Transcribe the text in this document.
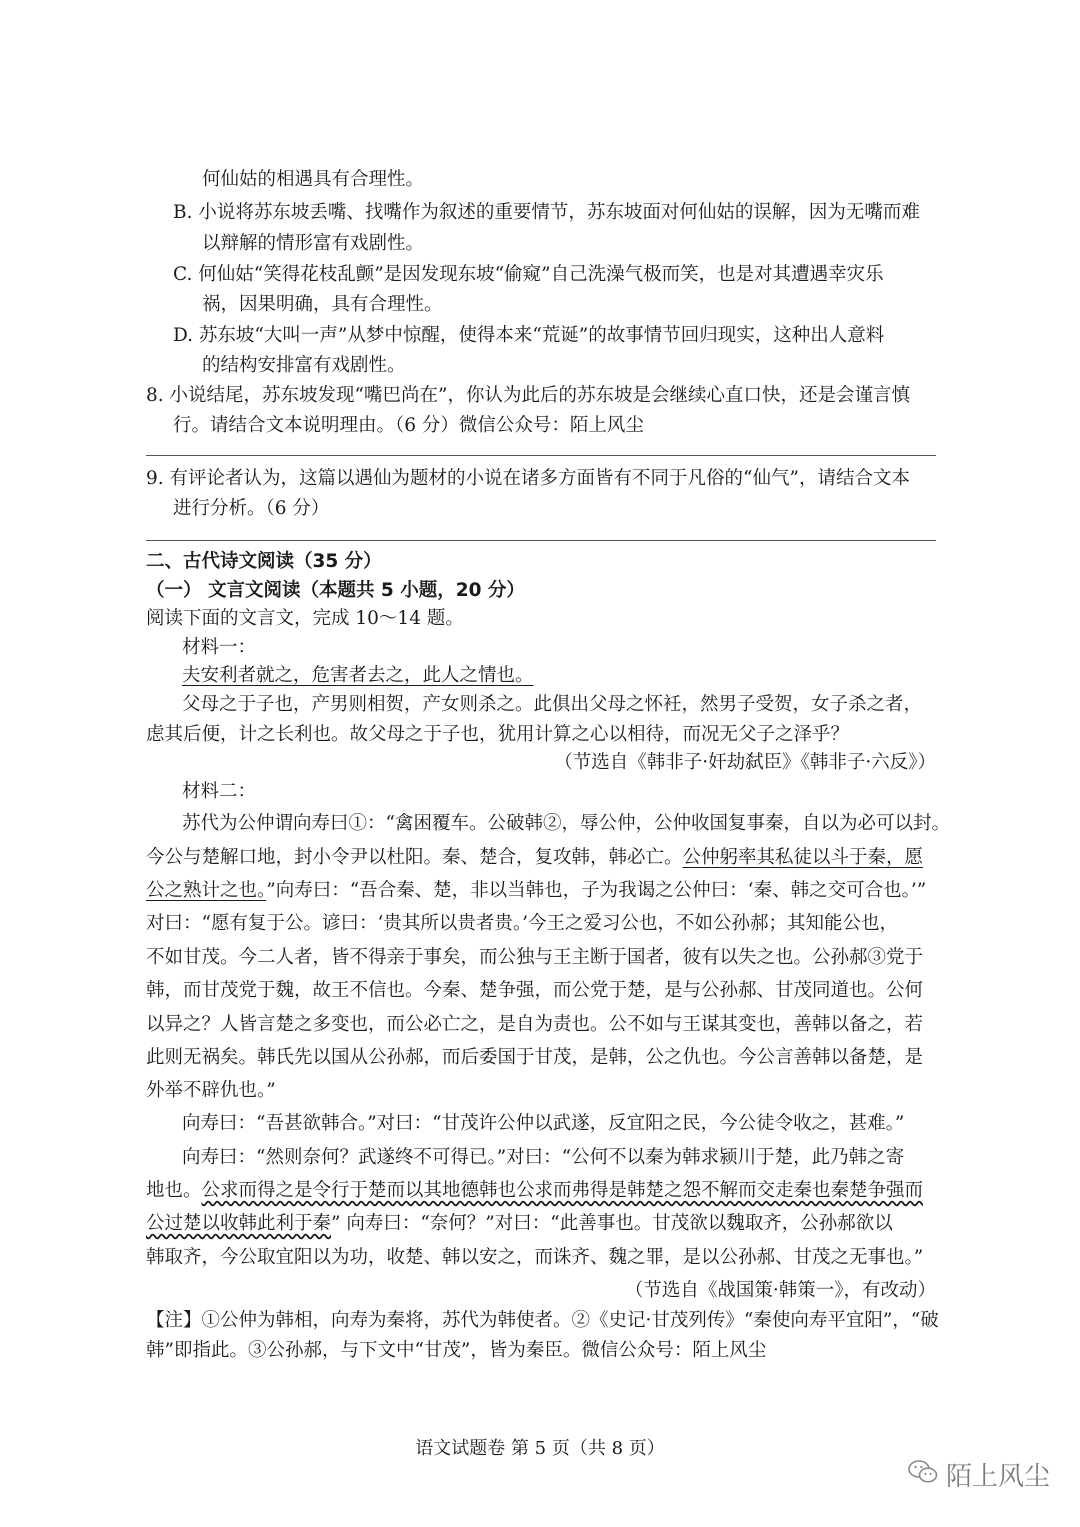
何仙姑的相遇具有合理性。
B. 小说将苏东坡丢嘴、找嘴作为叙述的重要情节，苏东坡面对何仙姑的误解，因为无嘴而难
以辩解的情形富有戏剧性。
C. 何仙姑“笑得花枝乱颤”是因发现东坡“偷窥”自己洗澡气极而笑，也是对其遭遇幸灾乐
祸，因果明确，具有合理性。
D. 苏东坡“大叫一声”从梦中惊醒，使得本来“荒诞”的故事情节回归现实，这种出人意料
的结构安排富有戏剧性。
8. 小说结尾，苏东坡发现“嘴巴尚在”，你认为此后的苏东坡是会继续心直口快，还是会谨言慎
行。请结合文本说明理由。（6 分）微信公众号：陌上风尘
9. 有评论者认为，这篇以遇仙为题材的小说在诸多方面皆有不同于凡俗的“仙气”，请结合文本
进行分析。（6 分）
二、古代诗文阅读（35 分）
（一） 文言文阅读（本题共 5 小题，20 分）
阅读下面的文言文，完成 10～14 题。
材料一：
夫安利者就之，危害者去之，此人之情也。
父母之于子也，产男则相贺，产女则杀之。此俱出父母之怀衽，然男子受贺，女子杀之者，
虑其后便，计之长利也。故父母之于子也，犹用计算之心以相待，而况无父子之泽乎？
（节选自《韩非子·奸劫弑臣》《韩非子·六反》）
材料二：
苏代为公仲谓向寿曰①：“禽困覆车。公破韩②，辱公仲，公仲收国复事秦，自以为必可以封。
今公与楚解口地，封小令尹以杜阳。秦、楚合，复攻韩，韩必亡。公仲躬率其私徒以斗于秦，愿
公之熟计之也。”向寿曰：“吾合秦、楚，非以当韩也，子为我谒之公仲曰：‘秦、韩之交可合也。’”
对曰：“愿有复于公。谚曰：‘贵其所以贵者贵。’今王之爱习公也，不如公孙郝；其知能公也，
不如甘茂。今二人者，皆不得亲于事矣，而公独与王主断于国者，彼有以失之也。公孙郝③党于
韩，而甘茂党于魏，故王不信也。今秦、楚争强，而公党于楚，是与公孙郝、甘茂同道也。公何
以异之？人皆言楚之多变也，而公必亡之，是自为责也。公不如与王谋其变也，善韩以备之，若
此则无祸矣。韩氏先以国从公孙郝，而后委国于甘茂，是韩，公之仇也。今公言善韩以备楚，是
外举不辟仇也。”
向寿曰：“吾甚欲韩合。”对曰：“甘茂许公仲以武遂，反宜阳之民，今公徒令收之，甚难。”
向寿曰：“然则奈何？武遂终不可得已。”对曰：“公何不以秦为韩求颍川于楚，此乃韩之寄
地也。公求而得之是令行于楚而以其地德韩也公求而弗得是韩楚之怨不解而交走秦也秦楚争强而
公过楚以收韩此利于秦” 向寿曰：“奈何？”对曰：“此善事也。甘茂欲以魏取齐，公孙郝欲以
韩取齐，今公取宜阳以为功，收楚、韩以安之，而诛齐、魏之罪，是以公孙郝、甘茂之无事也。”
（节选自《战国策·韩策一》，有改动）
【注】①公仲为韩相，向寿为秦将，苏代为韩使者。②《史记·甘茂列传》“秦使向寿平宜阳”，“破
韩”即指此。③公孙郝，与下文中“甘茂”，皆为秦臣。微信公众号：陌上风尘
语文试题卷 第 5 页（共 8 页）
陌上风尘
